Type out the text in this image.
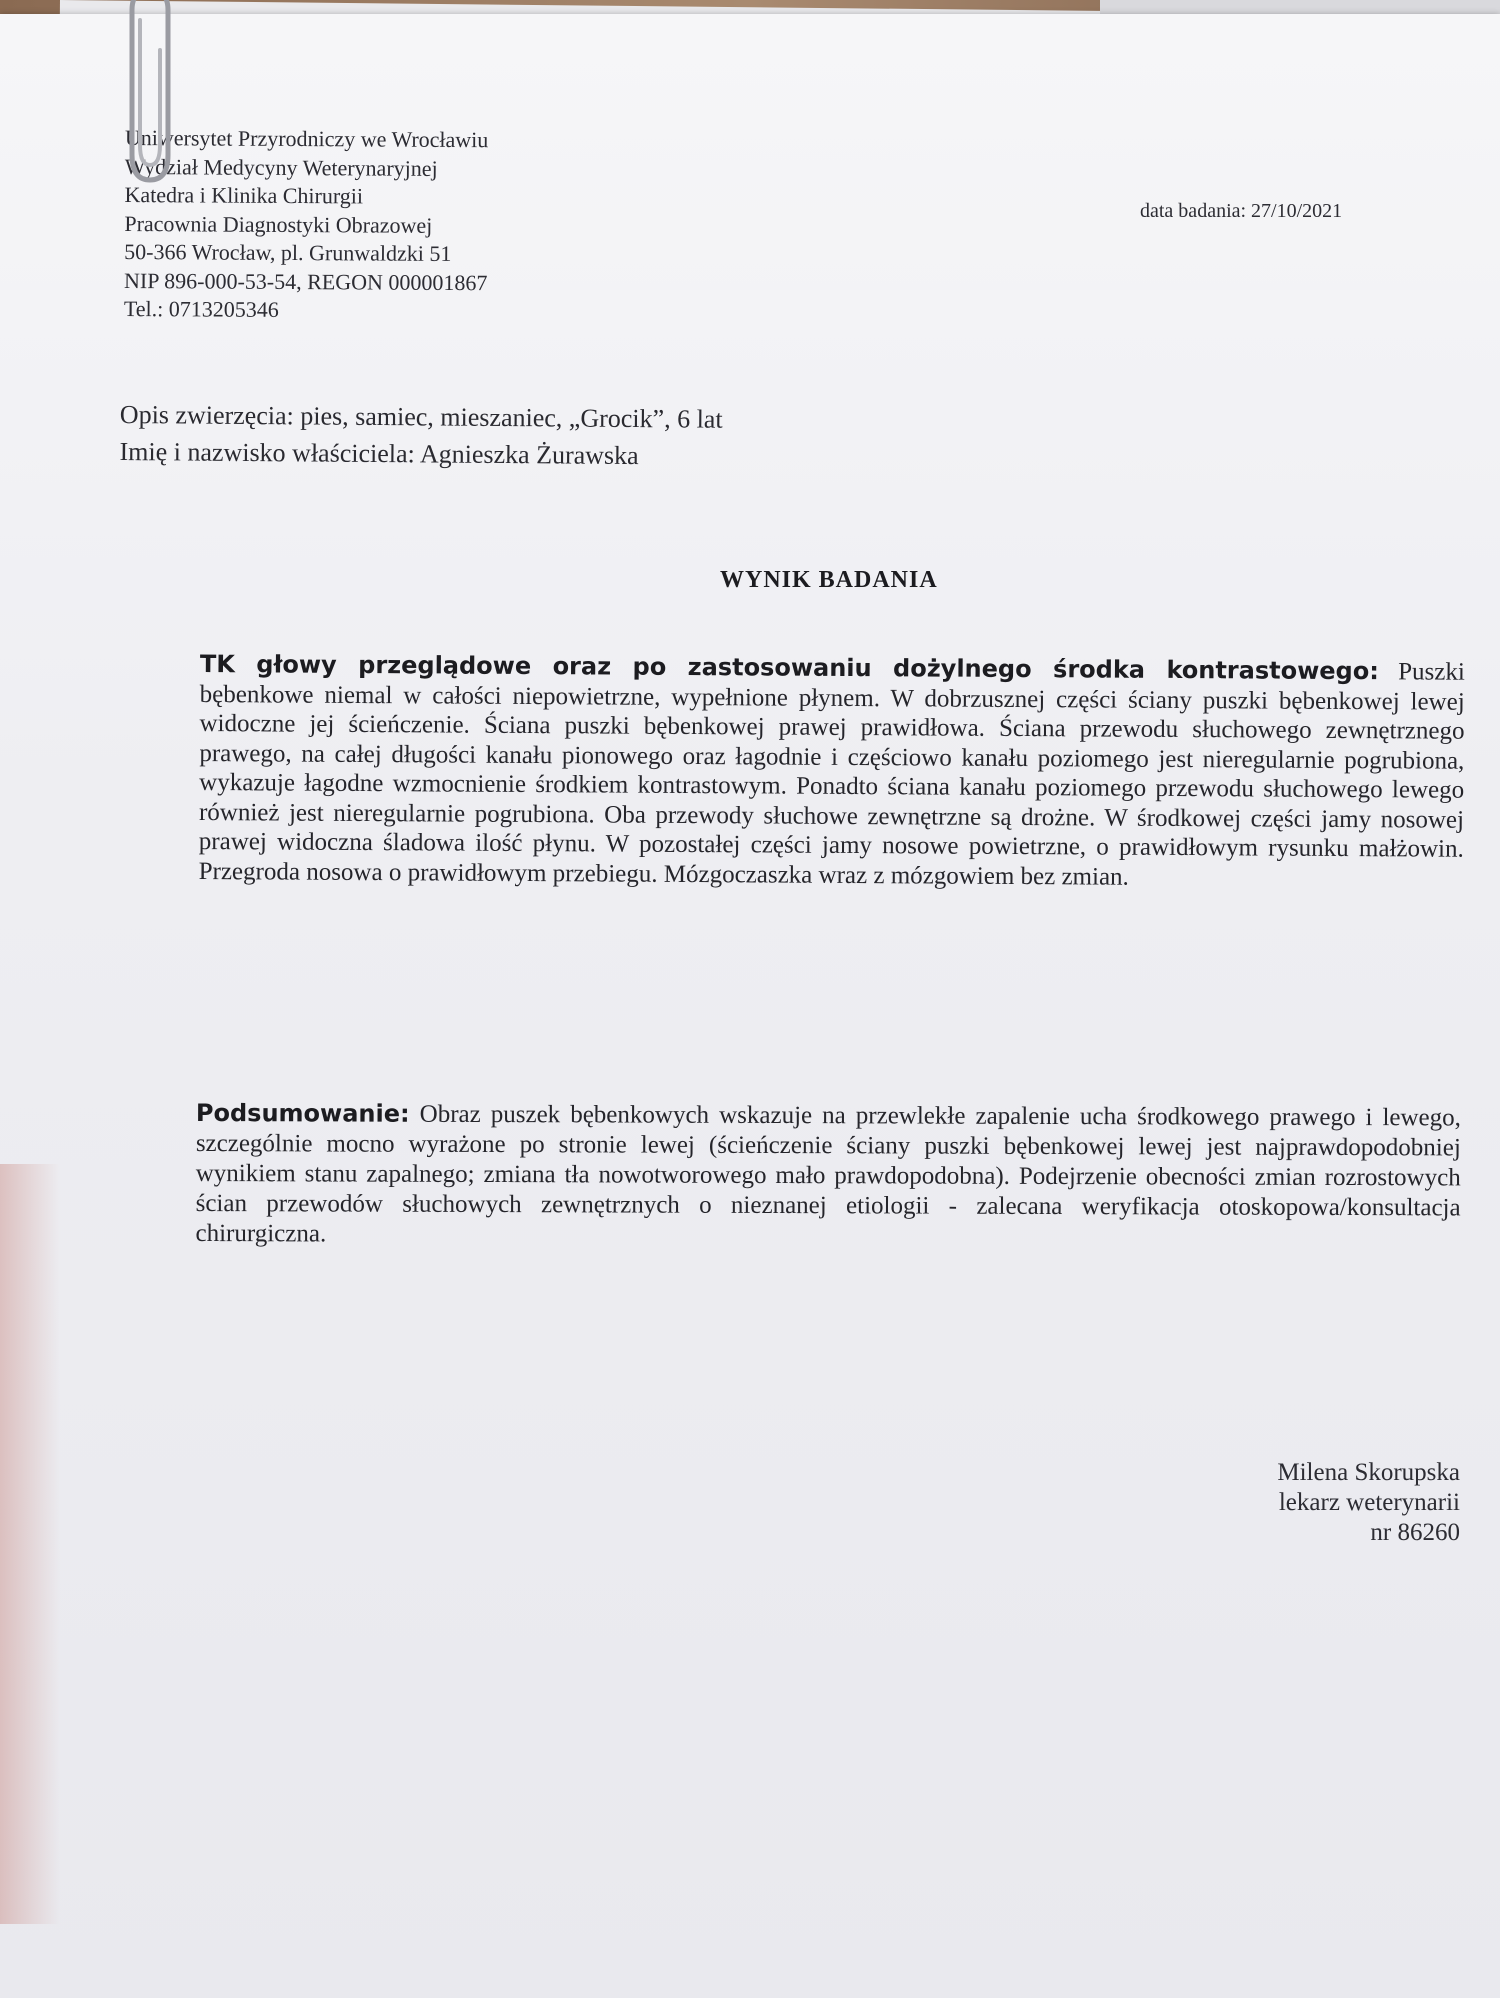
Uniwersytet Przyrodniczy we Wrocławiu
Wydział Medycyny Weterynaryjnej
Katedra i Klinika Chirurgii
Pracownia Diagnostyki Obrazowej
50-366 Wrocław, pl. Grunwaldzki 51
NIP 896-000-53-54, REGON 000001867
Tel.: 0713205346
data badania: 27/10/2021
Opis zwierzęcia: pies, samiec, mieszaniec, „Grocik”, 6 lat
Imię i nazwisko właściciela: Agnieszka Żurawska
WYNIK BADANIA
TK głowy przeglądowe oraz po zastosowaniu dożylnego środka kontrastowego: Puszki bębenkowe niemal w całości niepowietrzne, wypełnione płynem. W dobrzusznej części ściany puszki bębenkowej lewej widoczne jej ścieńczenie. Ściana puszki bębenkowej prawej prawidłowa. Ściana przewodu słuchowego zewnętrznego prawego, na całej długości kanału pionowego oraz łagodnie i częściowo kanału poziomego jest nieregularnie pogrubiona, wykazuje łagodne wzmocnienie środkiem kontrastowym. Ponadto ściana kanału poziomego przewodu słuchowego lewego również jest nieregularnie pogrubiona. Oba przewody słuchowe zewnętrzne są drożne. W środkowej części jamy nosowej prawej widoczna śladowa ilość płynu. W pozostałej części jamy nosowe powietrzne, o prawidłowym rysunku małżowin. Przegroda nosowa o prawidłowym przebiegu. Mózgoczaszka wraz z mózgowiem bez zmian.
Podsumowanie: Obraz puszek bębenkowych wskazuje na przewlekłe zapalenie ucha środkowego prawego i lewego, szczególnie mocno wyrażone po stronie lewej (ścieńczenie ściany puszki bębenkowej lewej jest najprawdopodobniej wynikiem stanu zapalnego; zmiana tła nowotworowego mało prawdopodobna). Podejrzenie obecności zmian rozrostowych ścian przewodów słuchowych zewnętrznych o nieznanej etiologii - zalecana weryfikacja otoskopowa/konsultacja chirurgiczna.
Milena Skorupska
lekarz weterynarii
nr 86260
